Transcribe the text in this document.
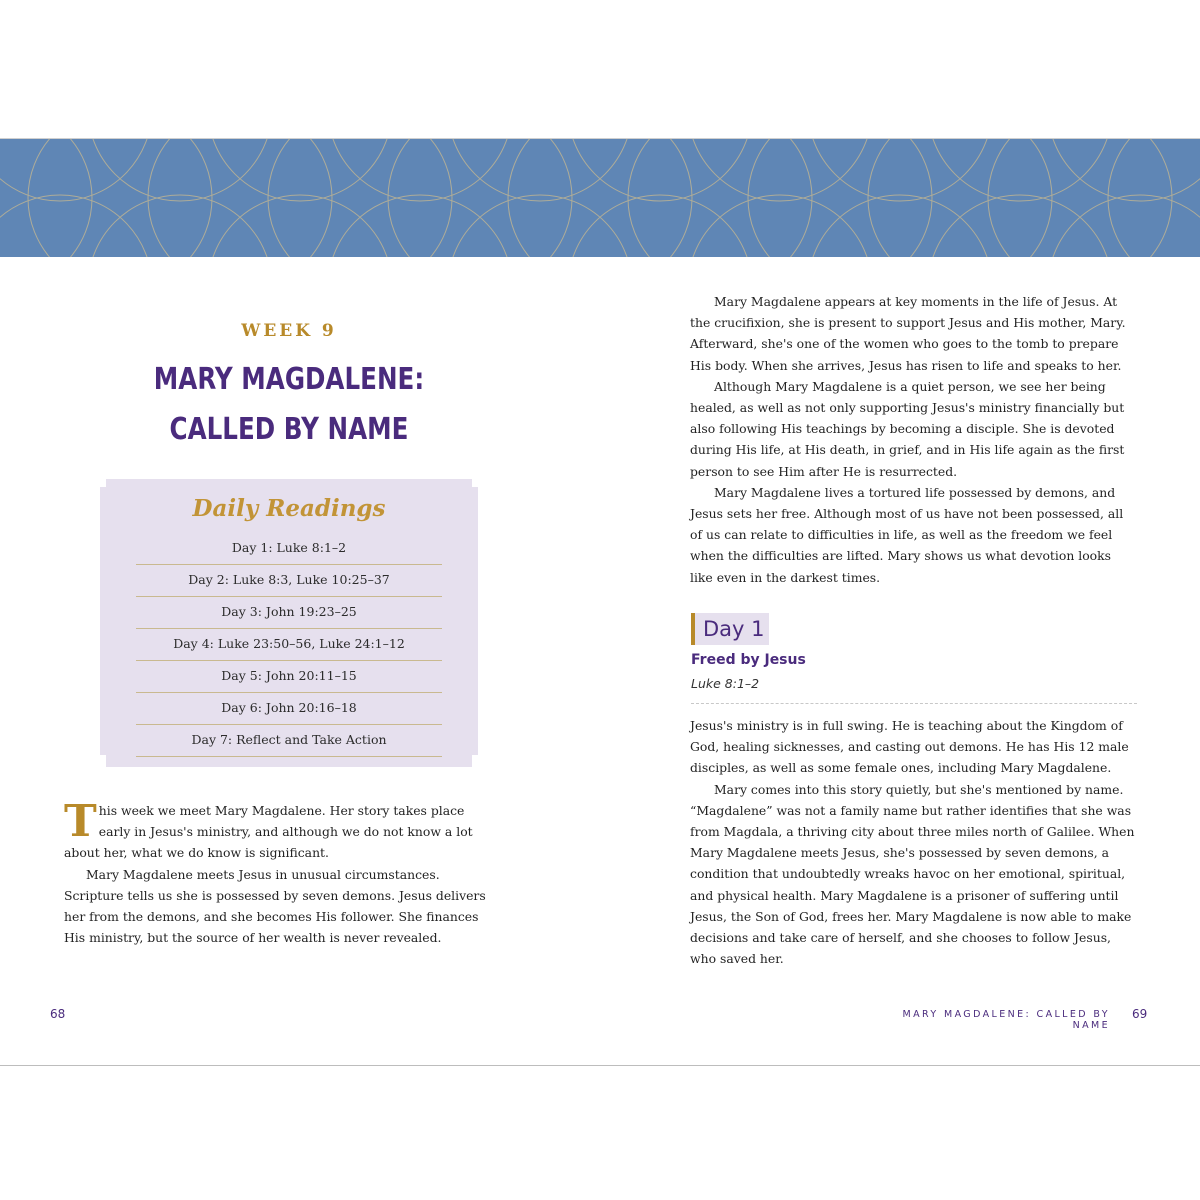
WEEK 9
MARY MAGDALENE:
CALLED BY NAME
Daily Readings
Day 1: Luke 8:1–2
Day 2: Luke 8:3, Luke 10:25–37
Day 3: John 19:23–25
Day 4: Luke 23:50–56, Luke 24:1–12
Day 5: John 20:11–15
Day 6: John 20:16–18
Day 7: Reflect and Take Action

This week we meet Mary Magdalene. Her story takes place early in Jesus's ministry, and although we do not know a lot about her, what we do know is significant.

Mary Magdalene meets Jesus in unusual circumstances. Scripture tells us she is possessed by seven demons. Jesus delivers her from the demons, and she becomes His follower. She finances His ministry, but the source of her wealth is never revealed.

68

Mary Magdalene appears at key moments in the life of Jesus. At the crucifixion, she is present to support Jesus and His mother, Mary. Afterward, she's one of the women who goes to the tomb to prepare His body. When she arrives, Jesus has risen to life and speaks to her.

Although Mary Magdalene is a quiet person, we see her being healed, as well as not only supporting Jesus's ministry financially but also following His teachings by becoming a disciple. She is devoted during His life, at His death, in grief, and in His life again as the first person to see Him after He is resurrected.

Mary Magdalene lives a tortured life possessed by demons, and Jesus sets her free. Although most of us have not been possessed, all of us can relate to difficulties in life, as well as the freedom we feel when the difficulties are lifted. Mary shows us what devotion looks like even in the darkest times.

Day 1
Freed by Jesus
Luke 8:1–2

Jesus's ministry is in full swing. He is teaching about the Kingdom of God, healing sicknesses, and casting out demons. He has His 12 male disciples, as well as some female ones, including Mary Magdalene.

Mary comes into this story quietly, but she's mentioned by name. “Magdalene” was not a family name but rather identifies that she was from Magdala, a thriving city about three miles north of Galilee. When Mary Magdalene meets Jesus, she's possessed by seven demons, a condition that undoubtedly wreaks havoc on her emotional, spiritual, and physical health. Mary Magdalene is a prisoner of suffering until Jesus, the Son of God, frees her. Mary Magdalene is now able to make decisions and take care of herself, and she chooses to follow Jesus, who saved her.

MARY MAGDALENE: CALLED BY NAME
69
